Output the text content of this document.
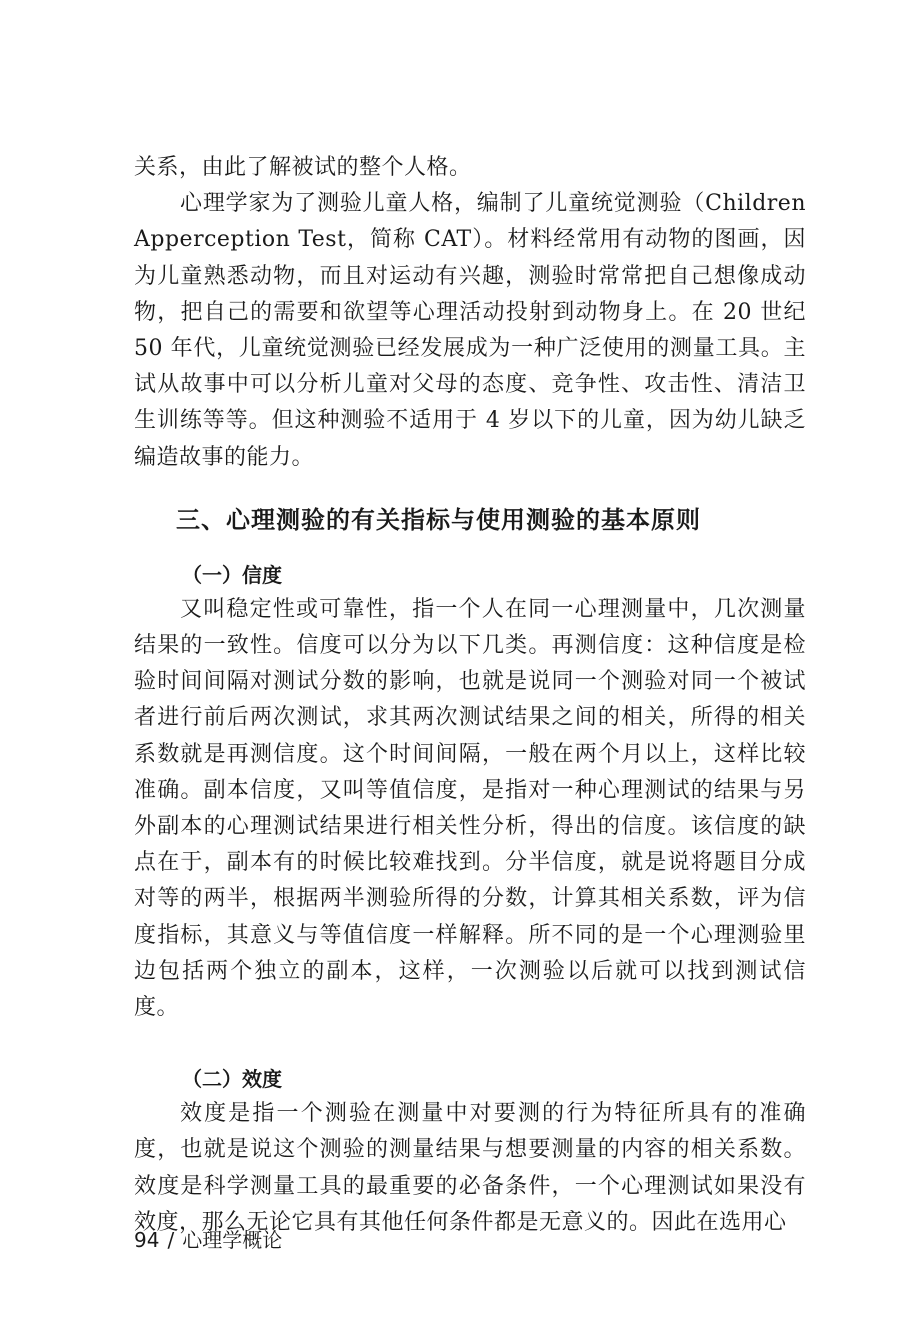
关系，由此了解被试的整个人格。

心理学家为了测验儿童人格，编制了儿童统觉测验（Children Apperception Test，简称 CAT）。材料经常用有动物的图画，因为儿童熟悉动物，而且对运动有兴趣，测验时常常把自己想像成动物，把自己的需要和欲望等心理活动投射到动物身上。在 20 世纪 50 年代，儿童统觉测验已经发展成为一种广泛使用的测量工具。主试从故事中可以分析儿童对父母的态度、竞争性、攻击性、清洁卫生训练等等。但这种测验不适用于 4 岁以下的儿童，因为幼儿缺乏编造故事的能力。

三、心理测验的有关指标与使用测验的基本原则
（一）信度

又叫稳定性或可靠性，指一个人在同一心理测量中，几次测量结果的一致性。信度可以分为以下几类。再测信度：这种信度是检验时间间隔对测试分数的影响，也就是说同一个测验对同一个被试者进行前后两次测试，求其两次测试结果之间的相关，所得的相关系数就是再测信度。这个时间间隔，一般在两个月以上，这样比较准确。副本信度，又叫等值信度，是指对一种心理测试的结果与另外副本的心理测试结果进行相关性分析，得出的信度。该信度的缺点在于，副本有的时候比较难找到。分半信度，就是说将题目分成对等的两半，根据两半测验所得的分数，计算其相关系数，评为信度指标，其意义与等值信度一样解释。所不同的是一个心理测验里边包括两个独立的副本，这样，一次测验以后就可以找到测试信度。

（二）效度

效度是指一个测验在测量中对要测的行为特征所具有的准确度，也就是说这个测验的测量结果与想要测量的内容的相关系数。效度是科学测量工具的最重要的必备条件，一个心理测试如果没有效度，那么无论它具有其他任何条件都是无意义的。因此在选用心

94 / 心理学概论
